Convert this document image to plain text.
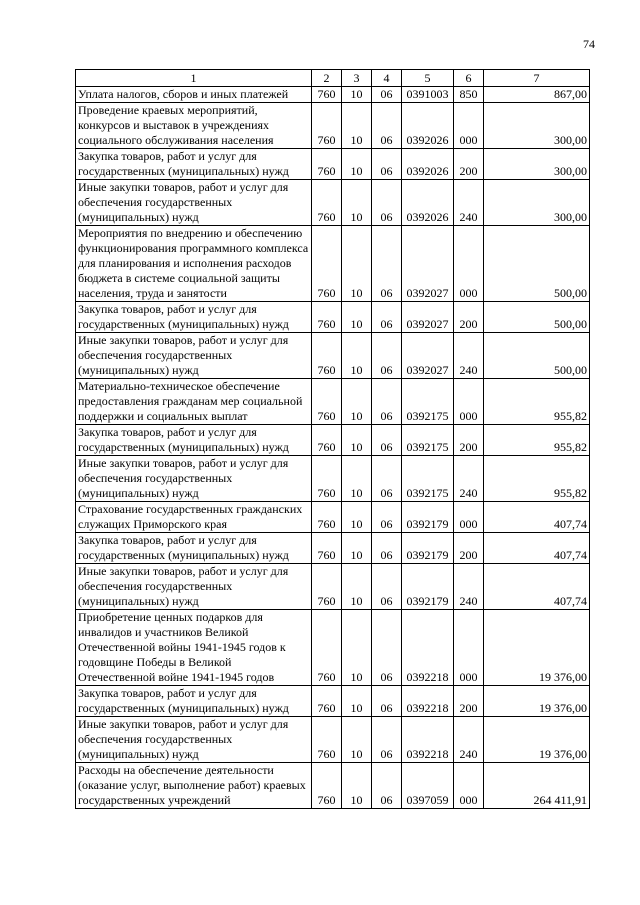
74
1	2	3	4	5	6	7
Уплата налогов, сборов и иных платежей	760	10	06	0391003	850	867,00
Проведение краевых мероприятий, конкурсов и выставок в учреждениях социального обслуживания населения	760	10	06	0392026	000	300,00
Закупка товаров, работ и услуг для государственных (муниципальных) нужд	760	10	06	0392026	200	300,00
Иные закупки товаров, работ и услуг для обеспечения государственных (муниципальных) нужд	760	10	06	0392026	240	300,00
Мероприятия по внедрению и обеспечению функционирования программного комплекса для планирования и исполнения расходов бюджета в системе социальной защиты населения, труда и занятости	760	10	06	0392027	000	500,00
Закупка товаров, работ и услуг для государственных (муниципальных) нужд	760	10	06	0392027	200	500,00
Иные закупки товаров, работ и услуг для обеспечения государственных (муниципальных) нужд	760	10	06	0392027	240	500,00
Материально-техническое обеспечение предоставления гражданам мер социальной поддержки и социальных выплат	760	10	06	0392175	000	955,82
Закупка товаров, работ и услуг для государственных (муниципальных) нужд	760	10	06	0392175	200	955,82
Иные закупки товаров, работ и услуг для обеспечения государственных (муниципальных) нужд	760	10	06	0392175	240	955,82
Страхование государственных гражданских служащих Приморского края	760	10	06	0392179	000	407,74
Закупка товаров, работ и услуг для государственных (муниципальных) нужд	760	10	06	0392179	200	407,74
Иные закупки товаров, работ и услуг для обеспечения государственных (муниципальных) нужд	760	10	06	0392179	240	407,74
Приобретение ценных подарков для инвалидов и участников Великой Отечественной войны 1941-1945 годов к годовщине Победы в Великой Отечественной войне 1941-1945 годов	760	10	06	0392218	000	19 376,00
Закупка товаров, работ и услуг для государственных (муниципальных) нужд	760	10	06	0392218	200	19 376,00
Иные закупки товаров, работ и услуг для обеспечения государственных (муниципальных) нужд	760	10	06	0392218	240	19 376,00
Расходы на обеспечение деятельности (оказание услуг, выполнение работ) краевых государственных учреждений	760	10	06	0397059	000	264 411,91
